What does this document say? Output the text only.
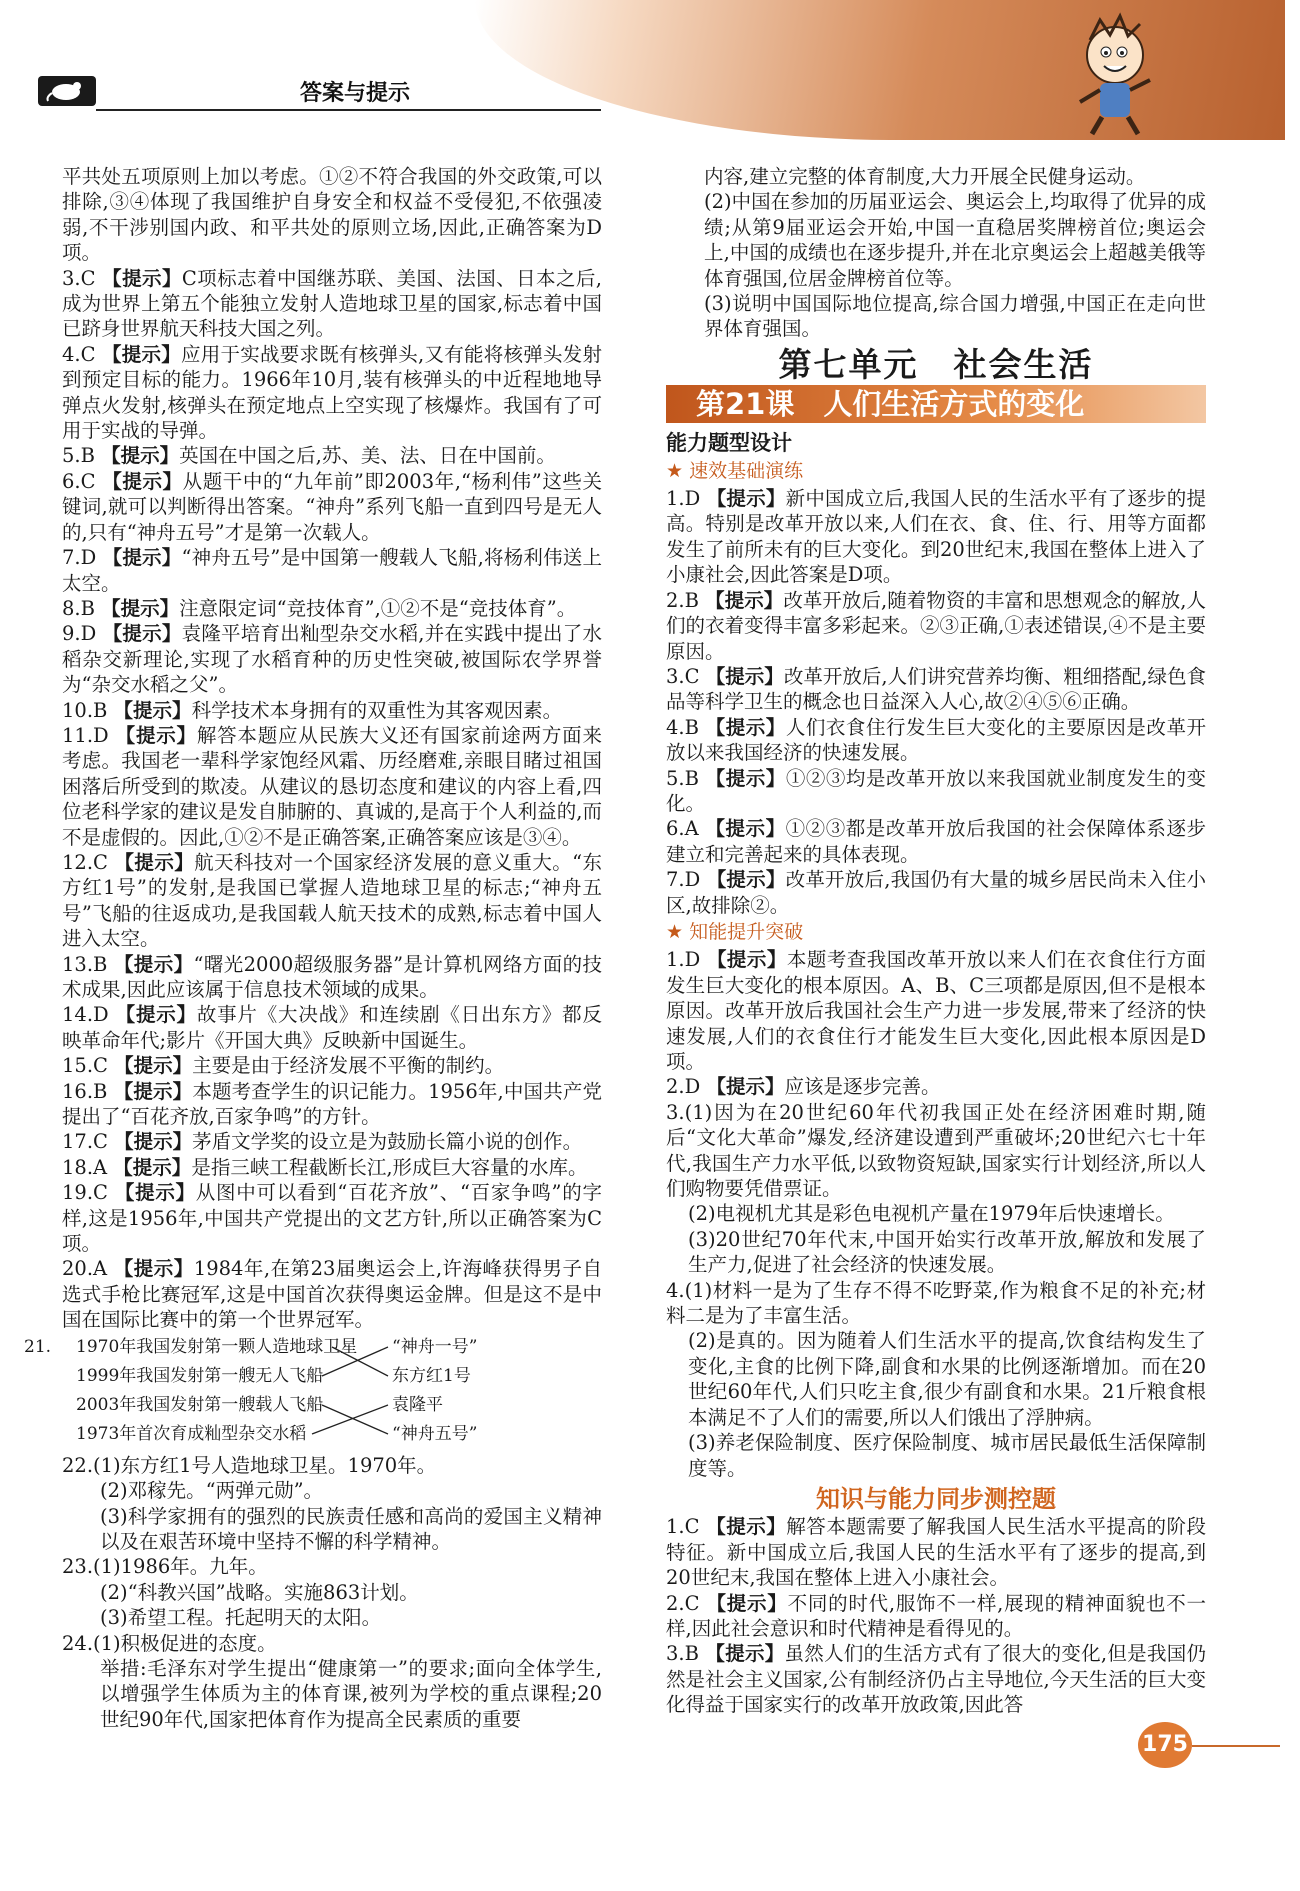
答案与提示

平共处五项原则上加以考虑。①②不符合我国的外交政策,可以排除,③④体现了我国维护自身安全和权益不受侵犯,不依强凌弱,不干涉别国内政、和平共处的原则立场,因此,正确答案为D项。

3.C 【提示】C项标志着中国继苏联、美国、法国、日本之后,成为世界上第五个能独立发射人造地球卫星的国家,标志着中国已跻身世界航天科技大国之列。

4.C 【提示】应用于实战要求既有核弹头,又有能将核弹头发射到预定目标的能力。1966年10月,装有核弹头的中近程地地导弹点火发射,核弹头在预定地点上空实现了核爆炸。我国有了可用于实战的导弹。

5.B 【提示】英国在中国之后,苏、美、法、日在中国前。

6.C 【提示】从题干中的“九年前”即2003年,“杨利伟”这些关键词,就可以判断得出答案。“神舟”系列飞船一直到四号是无人的,只有“神舟五号”才是第一次载人。

7.D 【提示】“神舟五号”是中国第一艘载人飞船,将杨利伟送上太空。

8.B 【提示】注意限定词“竞技体育”,①②不是“竞技体育”。

9.D 【提示】袁隆平培育出籼型杂交水稻,并在实践中提出了水稻杂交新理论,实现了水稻育种的历史性突破,被国际农学界誉为“杂交水稻之父”。

10.B 【提示】科学技术本身拥有的双重性为其客观因素。

11.D 【提示】解答本题应从民族大义还有国家前途两方面来考虑。我国老一辈科学家饱经风霜、历经磨难,亲眼目睹过祖国困落后所受到的欺凌。从建议的恳切态度和建议的内容上看,四位老科学家的建议是发自肺腑的、真诚的,是高于个人利益的,而不是虚假的。因此,①②不是正确答案,正确答案应该是③④。

12.C 【提示】航天科技对一个国家经济发展的意义重大。“东方红1号”的发射,是我国已掌握人造地球卫星的标志;“神舟五号”飞船的往返成功,是我国载人航天技术的成熟,标志着中国人进入太空。

13.B 【提示】“曙光2000超级服务器”是计算机网络方面的技术成果,因此应该属于信息技术领域的成果。

14.D 【提示】故事片《大决战》和连续剧《日出东方》都反映革命年代;影片《开国大典》反映新中国诞生。

15.C 【提示】主要是由于经济发展不平衡的制约。

16.B 【提示】本题考查学生的识记能力。1956年,中国共产党提出了“百花齐放,百家争鸣”的方针。

17.C 【提示】茅盾文学奖的设立是为鼓励长篇小说的创作。

18.A 【提示】是指三峡工程截断长江,形成巨大容量的水库。

19.C 【提示】从图中可以看到“百花齐放”、“百家争鸣”的字样,这是1956年,中国共产党提出的文艺方针,所以正确答案为C项。

20.A 【提示】1984年,在第23届奥运会上,许海峰获得男子自选式手枪比赛冠军,这是中国首次获得奥运金牌。但是这不是中国在国际比赛中的第一个世界冠军。

21. 1970年我国发射第一颗人造地球卫星
1999年我国发射第一艘无人飞船
2003年我国发射第一艘载人飞船
1973年首次育成籼型杂交水稻
“神舟一号”
东方红1号
袁隆平
“神舟五号”

22.(1)东方红1号人造地球卫星。1970年。

(2)邓稼先。“两弹元勋”。

(3)科学家拥有的强烈的民族责任感和高尚的爱国主义精神以及在艰苦环境中坚持不懈的科学精神。

23.(1)1986年。九年。

(2)“科教兴国”战略。实施863计划。

(3)希望工程。托起明天的太阳。

24.(1)积极促进的态度。

举措:毛泽东对学生提出“健康第一”的要求;面向全体学生,以增强学生体质为主的体育课,被列为学校的重点课程;20世纪90年代,国家把体育作为提高全民素质的重要

内容,建立完整的体育制度,大力开展全民健身运动。

(2)中国在参加的历届亚运会、奥运会上,均取得了优异的成绩;从第9届亚运会开始,中国一直稳居奖牌榜首位;奥运会上,中国的成绩也在逐步提升,并在北京奥运会上超越美俄等体育强国,位居金牌榜首位等。

(3)说明中国国际地位提高,综合国力增强,中国正在走向世界体育强国。

第七单元　社会生活
第21课　人们生活方式的变化
能力题型设计
★ 速效基础演练

1.D 【提示】新中国成立后,我国人民的生活水平有了逐步的提高。特别是改革开放以来,人们在衣、食、住、行、用等方面都发生了前所未有的巨大变化。到20世纪末,我国在整体上进入了小康社会,因此答案是D项。

2.B 【提示】改革开放后,随着物资的丰富和思想观念的解放,人们的衣着变得丰富多彩起来。②③正确,①表述错误,④不是主要原因。

3.C 【提示】改革开放后,人们讲究营养均衡、粗细搭配,绿色食品等科学卫生的概念也日益深入人心,故②④⑤⑥正确。

4.B 【提示】人们衣食住行发生巨大变化的主要原因是改革开放以来我国经济的快速发展。

5.B 【提示】①②③均是改革开放以来我国就业制度发生的变化。

6.A 【提示】①②③都是改革开放后我国的社会保障体系逐步建立和完善起来的具体表现。

7.D 【提示】改革开放后,我国仍有大量的城乡居民尚未入住小区,故排除②。

★ 知能提升突破

1.D 【提示】本题考查我国改革开放以来人们在衣食住行方面发生巨大变化的根本原因。A、B、C三项都是原因,但不是根本原因。改革开放后我国社会生产力进一步发展,带来了经济的快速发展,人们的衣食住行才能发生巨大变化,因此根本原因是D项。

2.D 【提示】应该是逐步完善。

3.(1)因为在20世纪60年代初我国正处在经济困难时期,随后“文化大革命”爆发,经济建设遭到严重破坏;20世纪六七十年代,我国生产力水平低,以致物资短缺,国家实行计划经济,所以人们购物要凭借票证。

(2)电视机尤其是彩色电视机产量在1979年后快速增长。

(3)20世纪70年代末,中国开始实行改革开放,解放和发展了生产力,促进了社会经济的快速发展。

4.(1)材料一是为了生存不得不吃野菜,作为粮食不足的补充;材料二是为了丰富生活。

(2)是真的。因为随着人们生活水平的提高,饮食结构发生了变化,主食的比例下降,副食和水果的比例逐渐增加。而在20世纪60年代,人们只吃主食,很少有副食和水果。21斤粮食根本满足不了人们的需要,所以人们饿出了浮肿病。

(3)养老保险制度、医疗保险制度、城市居民最低生活保障制度等。

知识与能力同步测控题

1.C 【提示】解答本题需要了解我国人民生活水平提高的阶段特征。新中国成立后,我国人民的生活水平有了逐步的提高,到20世纪末,我国在整体上进入小康社会。

2.C 【提示】不同的时代,服饰不一样,展现的精神面貌也不一样,因此社会意识和时代精神是看得见的。

3.B 【提示】虽然人们的生活方式有了很大的变化,但是我国仍然是社会主义国家,公有制经济仍占主导地位,今天生活的巨大变化得益于国家实行的改革开放政策,因此答

175
